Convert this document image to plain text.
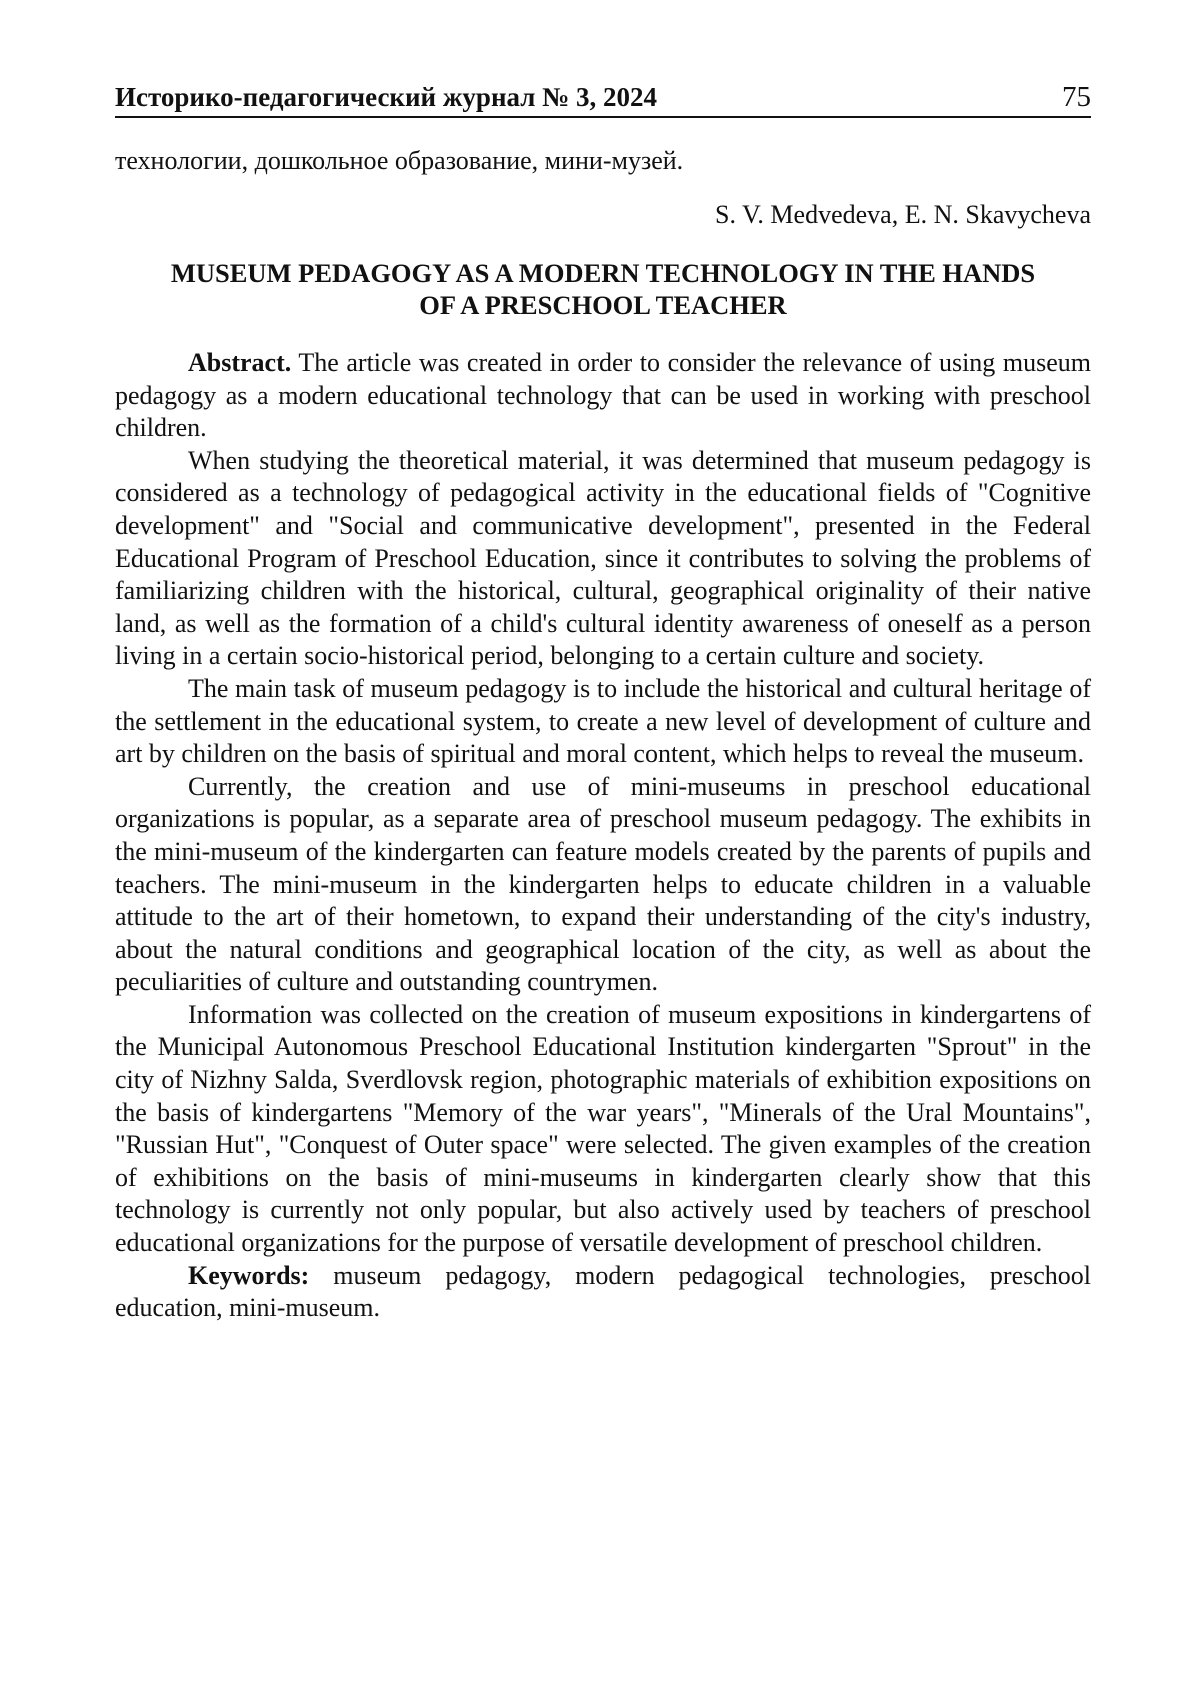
Историко-педагогический журнал № 3, 2024	75
технологии, дошкольное образование, мини-музей.
S. V. Medvedeva, E. N. Skavycheva
MUSEUM PEDAGOGY AS A MODERN TECHNOLOGY IN THE HANDS
OF A PRESCHOOL TEACHER

Abstract. The article was created in order to consider the relevance of using museum pedagogy as a modern educational technology that can be used in working with preschool children.

When studying the theoretical material, it was determined that museum pedagogy is considered as a technology of pedagogical activity in the educational fields of "Cognitive development" and "Social and communicative development", presented in the Federal Educational Program of Preschool Education, since it contributes to solving the problems of familiarizing children with the historical, cultural, geographical originality of their native land, as well as the formation of a child's cultural identity awareness of oneself as a person living in a certain socio-historical period, belonging to a certain culture and society.

The main task of museum pedagogy is to include the historical and cultural heritage of the settlement in the educational system, to create a new level of development of culture and art by children on the basis of spiritual and moral content, which helps to reveal the museum.

Currently, the creation and use of mini-museums in preschool educational organizations is popular, as a separate area of preschool museum pedagogy. The exhibits in the mini-museum of the kindergarten can feature models created by the parents of pupils and teachers. The mini-museum in the kindergarten helps to educate children in a valuable attitude to the art of their hometown, to expand their understanding of the city's industry, about the natural conditions and geographical location of the city, as well as about the peculiarities of culture and outstanding countrymen.

Information was collected on the creation of museum expositions in kindergartens of the Municipal Autonomous Preschool Educational Institution kindergarten "Sprout" in the city of Nizhny Salda, Sverdlovsk region, photographic materials of exhibition expositions on the basis of kindergartens "Memory of the war years", "Minerals of the Ural Mountains", "Russian Hut", "Conquest of Outer space" were selected. The given examples of the creation of exhibitions on the basis of mini-museums in kindergarten clearly show that this technology is currently not only popular, but also actively used by teachers of preschool educational organizations for the purpose of versatile development of preschool children.

Keywords: museum pedagogy, modern pedagogical technologies, preschool education, mini-museum.
